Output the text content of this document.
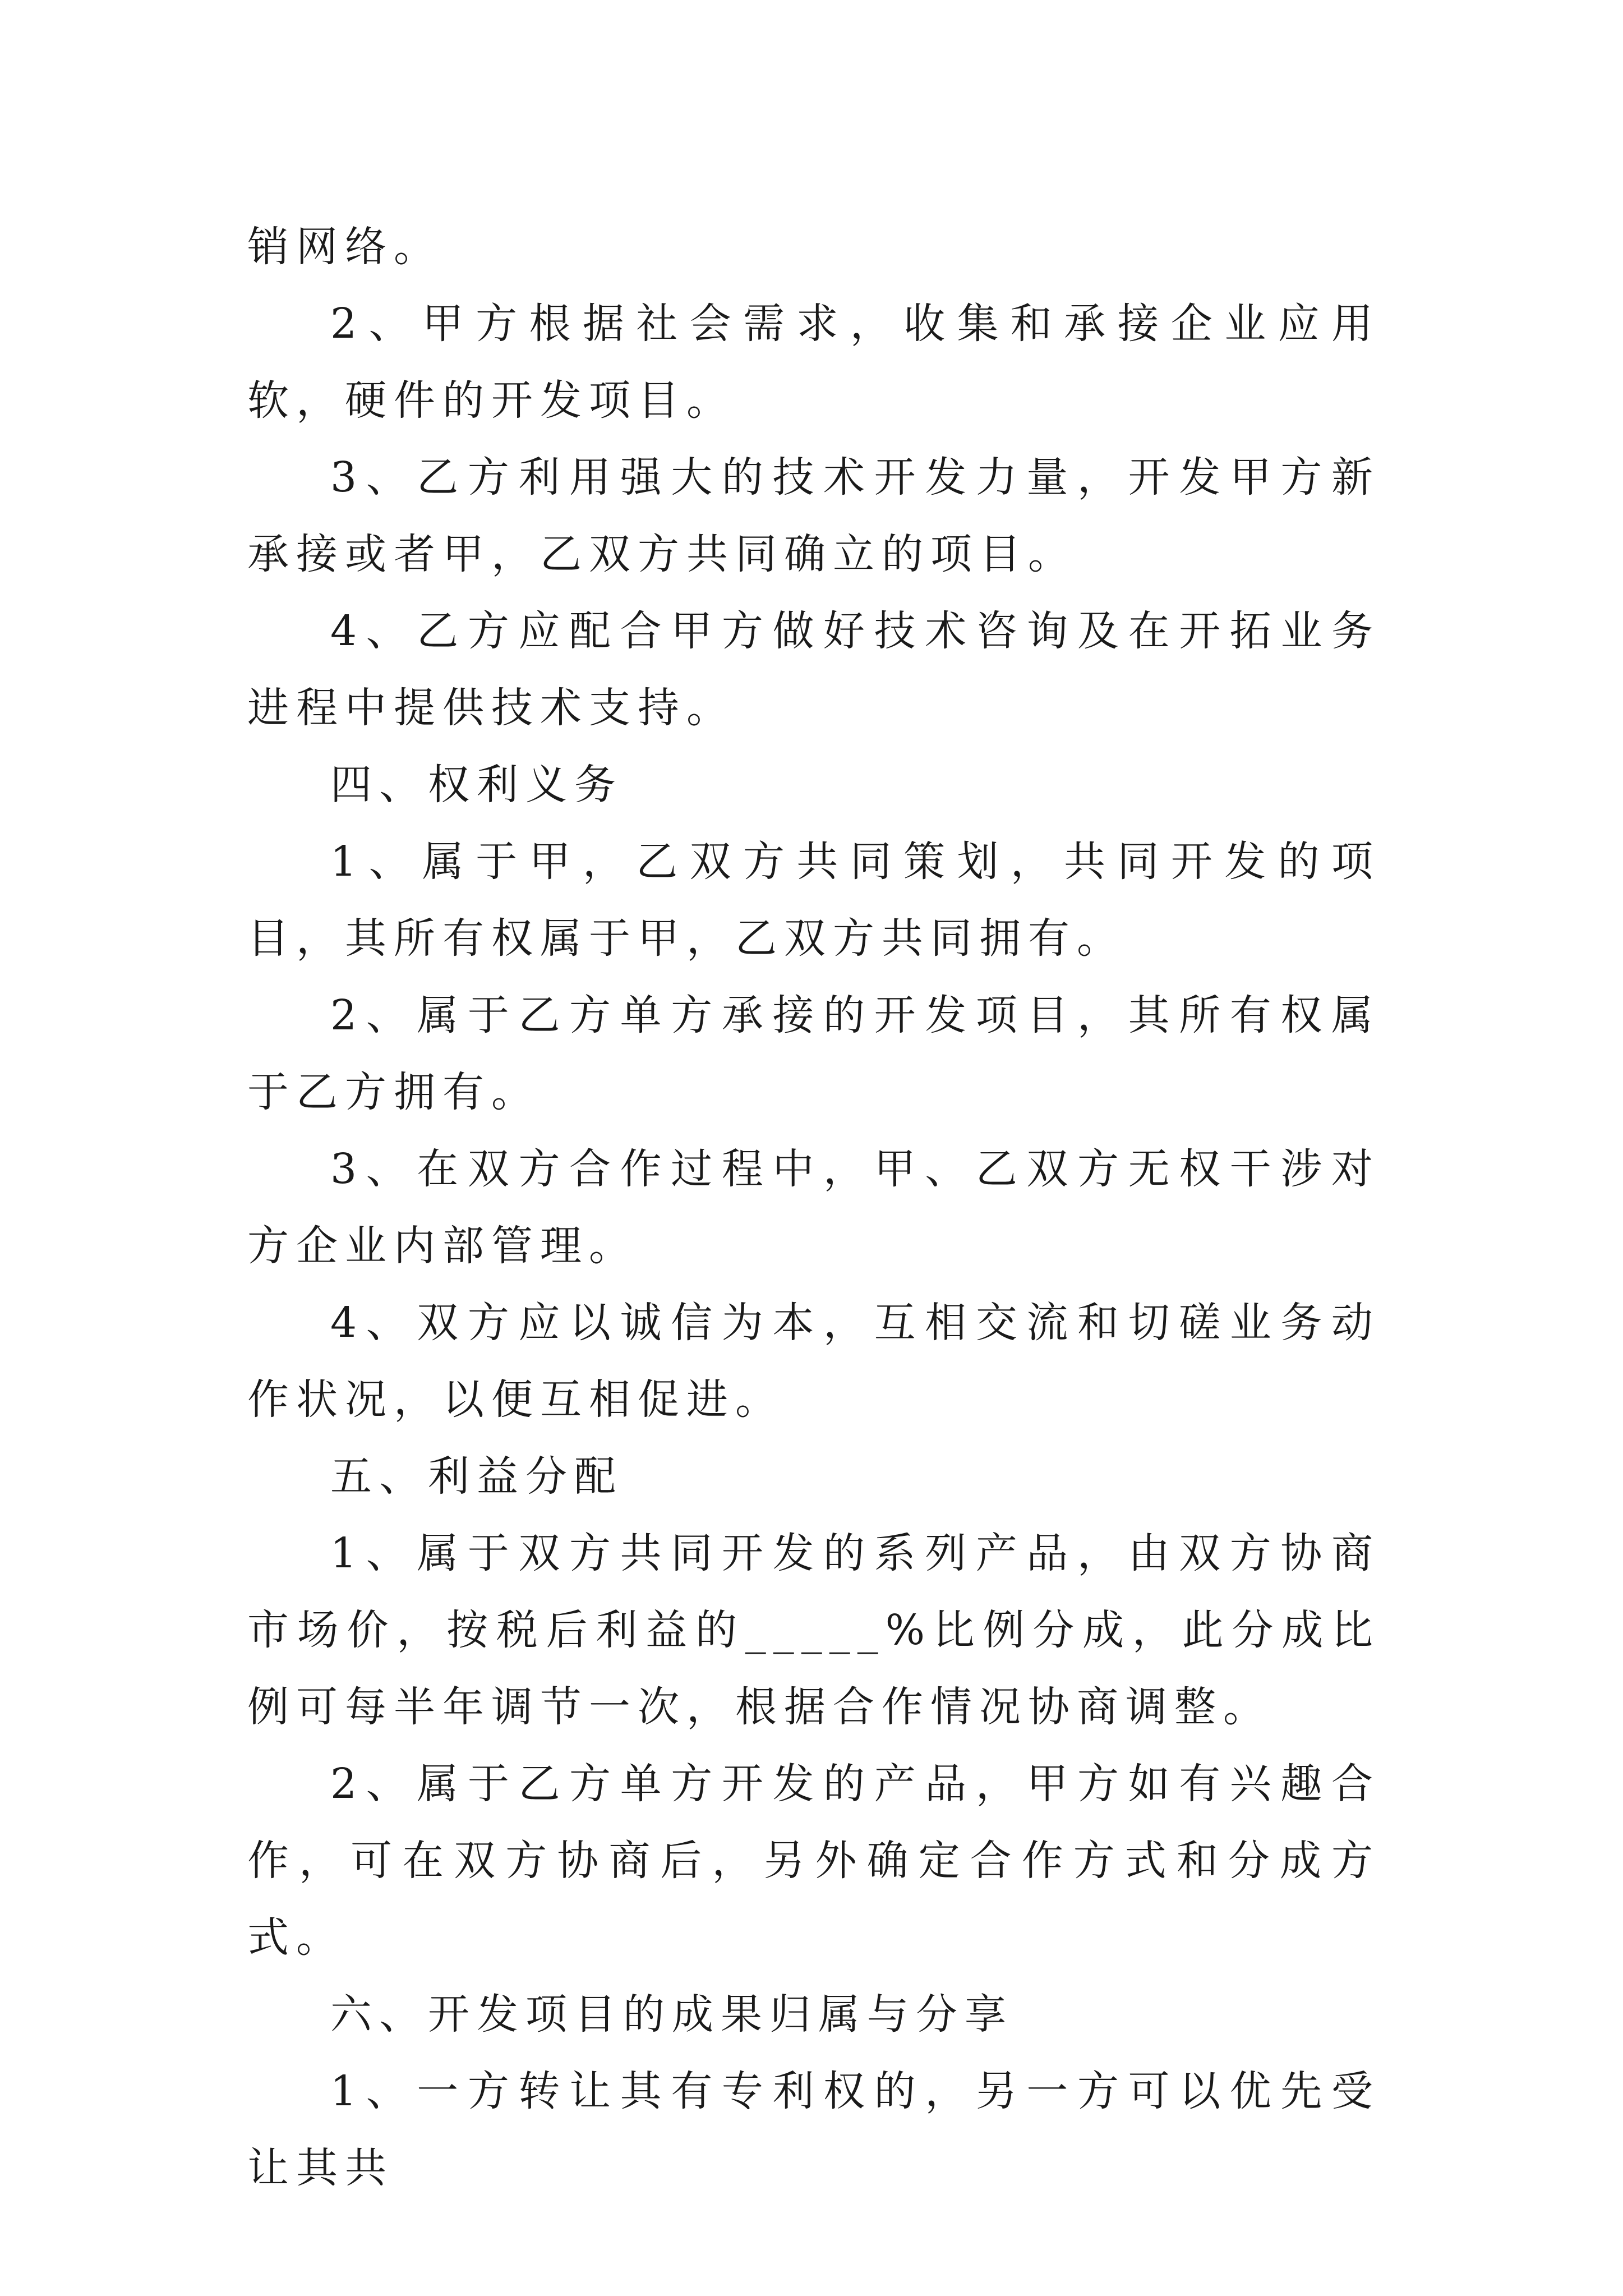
销网络。

2、甲方根据社会需求，收集和承接企业应用软，硬件的开发项目。

3、乙方利用强大的技术开发力量，开发甲方新承接或者甲，乙双方共同确立的项目。

4、乙方应配合甲方做好技术咨询及在开拓业务进程中提供技术支持。

四、权利义务

1、属于甲，乙双方共同策划，共同开发的项目，其所有权属于甲，乙双方共同拥有。

2、属于乙方单方承接的开发项目，其所有权属于乙方拥有。

3、在双方合作过程中，甲、乙双方无权干涉对方企业内部管理。

4、双方应以诚信为本，互相交流和切磋业务动作状况，以便互相促进。

五、利益分配

1、属于双方共同开发的系列产品，由双方协商市场价，按税后利益的_____%比例分成，此分成比例可每半年调节一次，根据合作情况协商调整。

2、属于乙方单方开发的产品，甲方如有兴趣合作，可在双方协商后，另外确定合作方式和分成方式。

六、开发项目的成果归属与分享

1、一方转让其有专利权的，另一方可以优先受让其共
